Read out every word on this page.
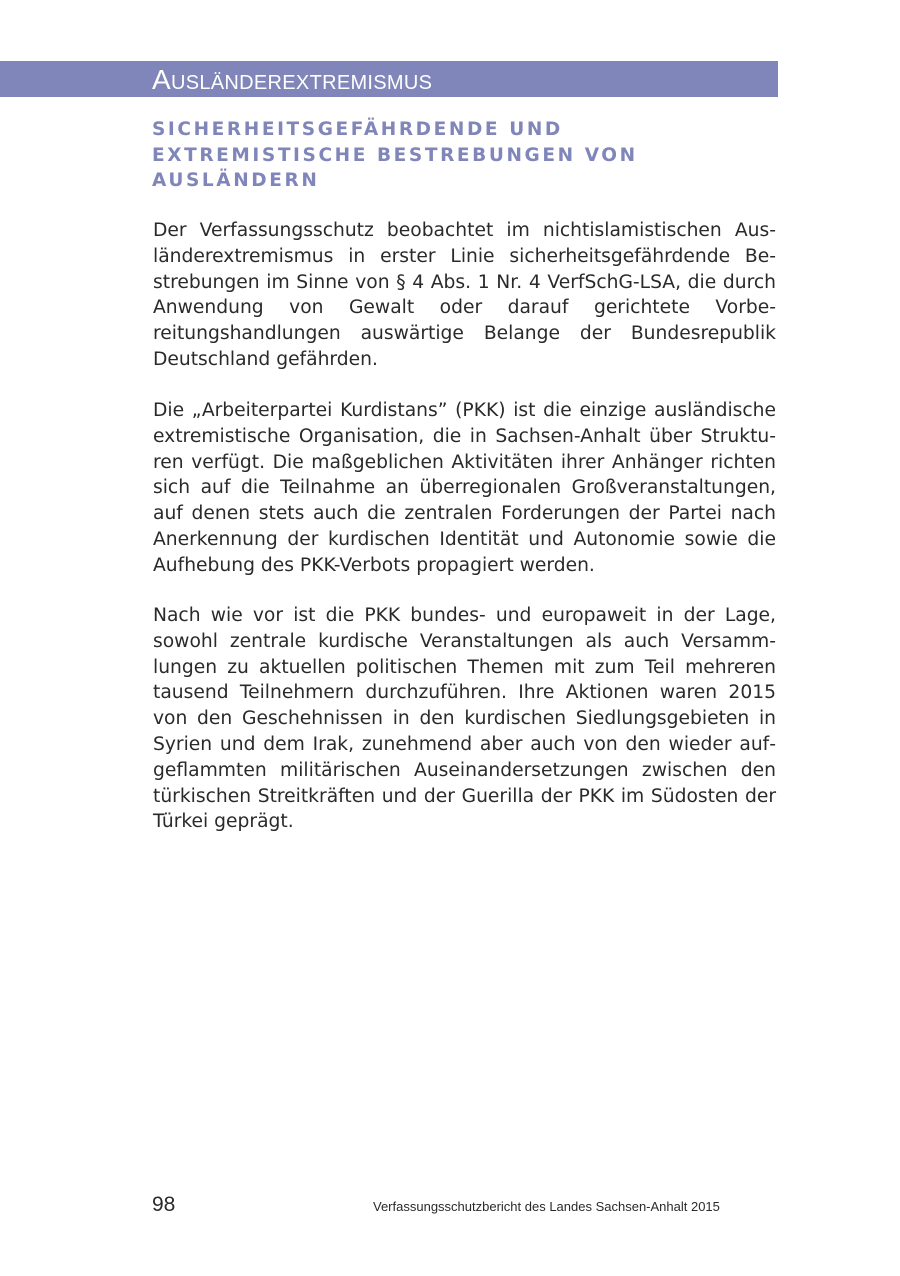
Ausländerextremismus
SICHERHEITSGEFÄHRDENDE UND EXTREMISTISCHE BESTREBUNGEN VON AUSLÄNDERN

Der Verfassungsschutz beobachtet im nichtislamistischen Ausländerextremismus in erster Linie sicherheitsgefährdende Bestrebungen im Sinne von § 4 Abs. 1 Nr. 4 VerfSchG-LSA, die durch Anwendung von Gewalt oder darauf gerichtete Vorbereitungshandlungen auswärtige Belange der Bundesrepublik Deutschland gefährden.

Die „Arbeiterpartei Kurdistans” (PKK) ist die einzige ausländische extremistische Organisation, die in Sachsen-Anhalt über Strukturen verfügt. Die maßgeblichen Aktivitäten ihrer Anhänger richten sich auf die Teilnahme an überregionalen Großveranstaltungen, auf denen stets auch die zentralen Forderungen der Partei nach Anerkennung der kurdischen Identität und Autonomie sowie die Aufhebung des PKK-Verbots propagiert werden.

Nach wie vor ist die PKK bundes- und europaweit in der Lage, sowohl zentrale kurdische Veranstaltungen als auch Versammlungen zu aktuellen politischen Themen mit zum Teil mehreren tausend Teilnehmern durchzuführen. Ihre Aktionen waren 2015 von den Geschehnissen in den kurdischen Siedlungsgebieten in Syrien und dem Irak, zunehmend aber auch von den wieder aufgeflammten militärischen Auseinandersetzungen zwischen den türkischen Streitkräften und der Guerilla der PKK im Südosten der Türkei geprägt.

98	Verfassungsschutzbericht des Landes Sachsen-Anhalt 2015
